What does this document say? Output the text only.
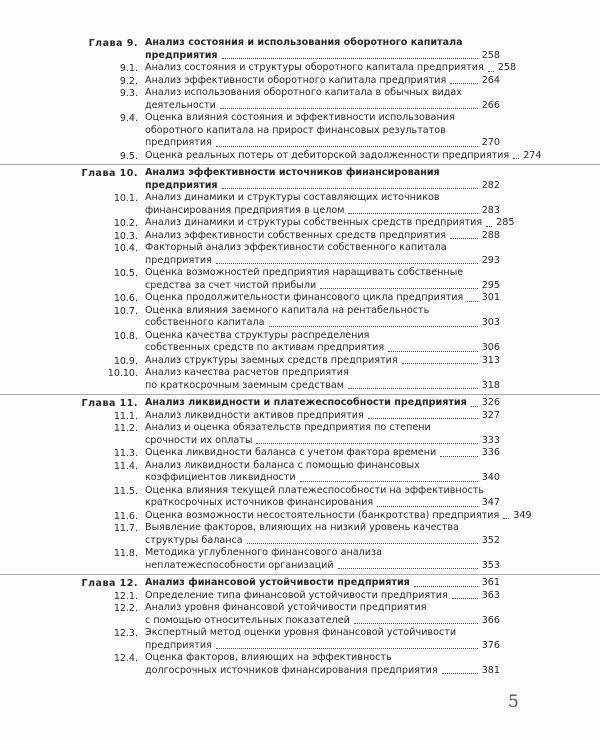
Глава 9. Анализ состояния и использования оборотного капитала
предприятия	258
9.1. Анализ состояния и структуры оборотного капитала предприятия 258
9.2. Анализ эффективности оборотного капитала предприятия	264
9.3. Анализ использования оборотного капитала в обычных видах
деятельности	266
9.4. Оценка влияния состояния и эффективности использования
оборотного капитала на прирост финансовых результатов
предприятия	270
9.5. Оценка реальных потерь от дебиторской задолженности предприятия 274
Глава 10. Анализ эффективности источников финансирования
предприятия	282
10.1. Анализ динамики и структуры составляющих источников
финансирования предприятия в целом	283
10.2. Анализ динамики и структуры собственных средств предприятия 285
10.3. Анализ эффективности собственных средств предприятия	288
10.4. Факторный анализ эффективности собственного капитала
предприятия	293
10.5. Оценка возможностей предприятия наращивать собственные
средства за счет чистой прибыли	295
10.6. Оценка продолжительности финансового цикла предприятия 301
10.7. Оценка влияния заемного капитала на рентабельность
собственного капитала	303
10.8. Оценка качества структуры распределения
собственных средств по активам предприятия	306
10.9. Анализ структуры заемных средств предприятия	313
10.10. Анализ качества расчетов предприятия
по краткосрочным заемным средствам	318
Глава 11. Анализ ликвидности и платежеспособности предприятия 326
11.1. Анализ ликвидности активов предприятия	327
11.2. Анализ и оценка обязательств предприятия по степени
срочности их оплаты	333
11.3. Оценка ликвидности баланса с учетом фактора времени	336
11.4. Анализ ликвидности баланса с помощью финансовых
коэффициентов ликвидности	340
11.5. Оценка влияния текущей платежеспособности на эффективность
краткосрочных источников финансирования	347
11.6. Оценка возможности несостоятельности (банкротства) предприятия 349
11.7. Выявление факторов, влияющих на низкий уровень качества
структуры баланса	352
11.8. Методика углубленного финансового анализа
неплатежеспособности организаций	353
Глава 12. Анализ финансовой устойчивости предприятия	361
12.1. Определение типа финансовой устойчивости предприятия	363
12.2. Анализ уровня финансовой устойчивости предприятия
с помощью относительных показателей	366
12.3. Экспертный метод оценки уровня финансовой устойчивости
предприятия	376
12.4. Оценка факторов, влияющих на эффективность
долгосрочных источников финансирования предприятия	381
5
